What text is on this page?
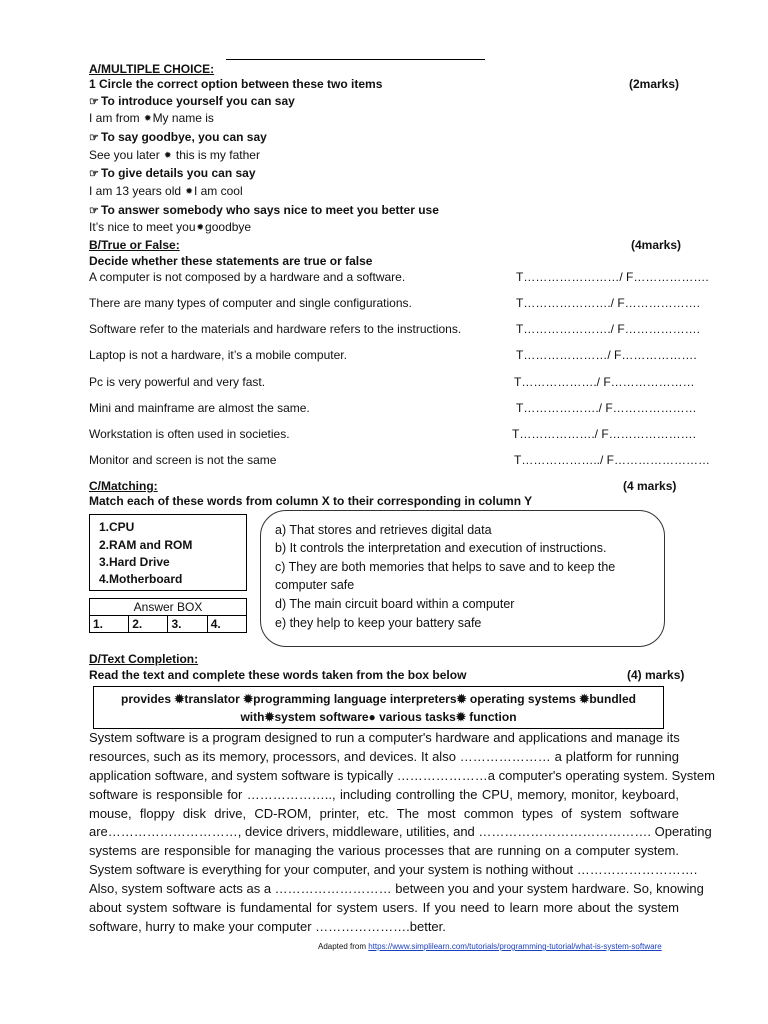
A/MULTIPLE CHOICE:
1 Circle the correct option between these two items	(2marks)
☞ To introduce yourself you can say
I am from ✹My name is
☞ To say goodbye, you can say
See you later ✹ this is my father
☞ To give details you can say
I am 13 years old ✹I am cool
☞ To answer somebody who says nice to meet you better use
It’s nice to meet you✹goodbye
B/True or False:	(4marks)
Decide whether these statements are true or false
A computer is not composed by a hardware and a software.	T……………………/ F……………….
There are many types of computer and single configurations.	T…………………./ F……………….
Software refer to the materials and hardware refers to the instructions.	T…………………./ F……………….
Laptop is not a hardware, it’s a mobile computer.	T…………………/ F……………….
Pc is very powerful and very fast.	T………………./ F…………………
Mini and mainframe are almost the same.	T………………./ F…………………
Workstation is often used in societies.	T………………./ F………………….
Monitor and screen is not the same	T………………../ F……………………
C/Matching:	(4 marks)
Match each of these words from column X to their corresponding in column Y
1.CPU
2.RAM and ROM
3.Hard Drive
4.Motherboard
Answer BOX
1.	2.	3.	4.
a) That stores and retrieves digital data
b) It controls the interpretation and execution of instructions.
c) They are both memories that helps to save and to keep the
computer safe
d) The main circuit board within a computer
e) they help to keep your battery safe
D/Text Completion:
Read the text and complete these words taken from the box below	(4) marks)
provides ✹translator ✹programming language interpreters✹ operating systems ✹bundled
with✹system software● various tasks✹ function
System software is a program designed to run a computer's hardware and applications and manage its
resources, such as its memory, processors, and devices. It also ………………… a platform for running
application software, and system software is typically …………………a computer's operating system. System
software is responsible for ……………….., including controlling the CPU, memory, monitor, keyboard,
mouse, floppy disk drive, CD-ROM, printer, etc. The most common types of system software
are…………………………, device drivers, middleware, utilities, and …………………………………. Operating
systems are responsible for managing the various processes that are running on a computer system.
System software is everything for your computer, and your system is nothing without ……………………….
Also, system software acts as a ……………………… between you and your system hardware. So, knowing
about system software is fundamental for system users. If you need to learn more about the system
software, hurry to make your computer ………………….better.
Adapted from https://www.simplilearn.com/tutorials/programming-tutorial/what-is-system-software
